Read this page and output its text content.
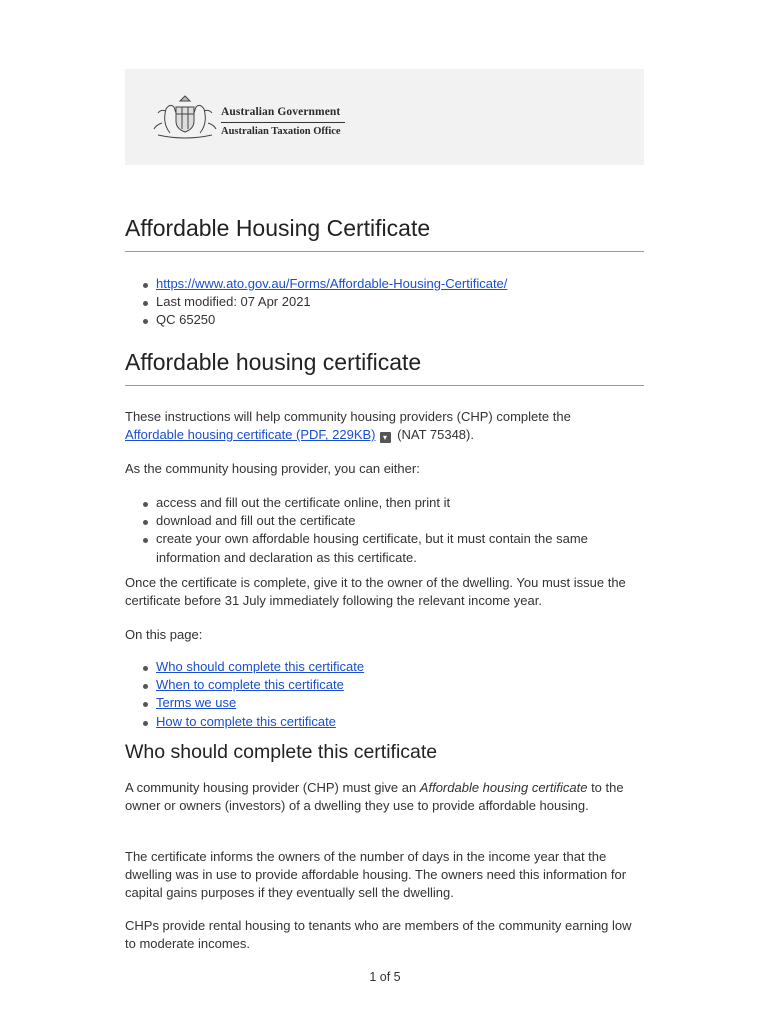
Australian Government
Australian Taxation Office
Affordable Housing Certificate
https://www.ato.gov.au/Forms/Affordable-Housing-Certificate/
Last modified: 07 Apr 2021
QC 65250
Affordable housing certificate

These instructions will help community housing providers (CHP) complete the
Affordable housing certificate (PDF, 229KB) ▾ (NAT 75348).

As the community housing provider, you can either:

access and fill out the certificate online, then print it
download and fill out the certificate
create your own affordable housing certificate, but it must contain the same information and declaration as this certificate.

Once the certificate is complete, give it to the owner of the dwelling. You must issue the certificate before 31 July immediately following the relevant income year.

On this page:

Who should complete this certificate
When to complete this certificate
Terms we use
How to complete this certificate
Who should complete this certificate

A community housing provider (CHP) must give an Affordable housing certificate to the owner or owners (investors) of a dwelling they use to provide affordable housing.

The certificate informs the owners of the number of days in the income year that the dwelling was in use to provide affordable housing. The owners need this information for capital gains purposes if they eventually sell the dwelling.

CHPs provide rental housing to tenants who are members of the community earning low to moderate incomes.

1 of 5
